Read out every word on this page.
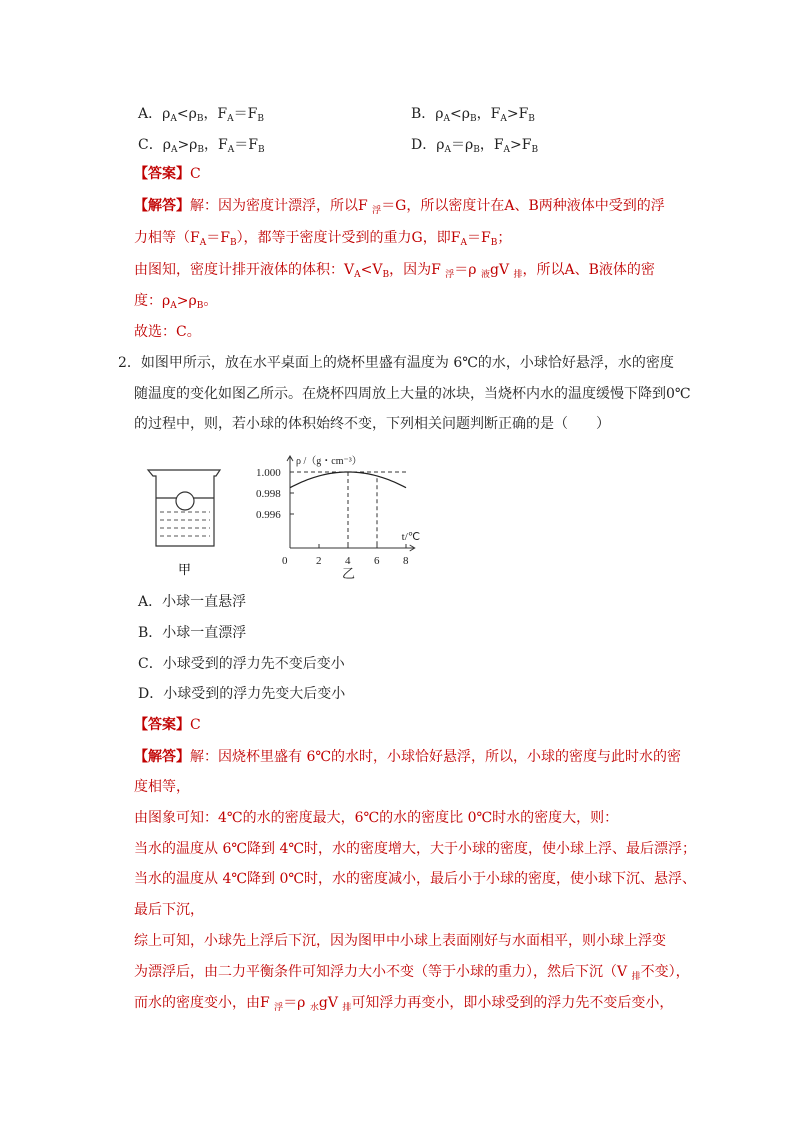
A．$\rho_A<\rho_B$，$F_A=F_B$	B．$\rho_A<\rho_B$，$F_A>F_B$
C．$\rho_A>\rho_B$，$F_A=F_B$	D．$\rho_A=\rho_B$，$F_A>F_B$
【答案】C
【解答】解：因为密度计漂浮，所以F $_浮$＝G，所以密度计在A、B两种液体中受到的浮
力相等$(F_A=F_B)$，都等于密度计受到的重力G，即$F_A=F_B$；
由图知，密度计排开液体的体积：$V_A<V_B$，因为F $_浮$＝ρ $_液$gV $_排$，所以A、B液体的密
度：$\rho_A>\rho_B$。
故选：C。
2．如图甲所示，放在水平桌面上的烧杯里盛有温度为 6℃的水，小球恰好悬浮，水的密度
随温度的变化如图乙所示。在烧杯四周放上大量的冰块，当烧杯内水的温度缓慢下降到0℃
的过程中，则，若小球的体积始终不变，下列相关问题判断正确的是（　　）
甲
0	2 4 6 8
1.000
0.998
0.996
ρ /（g・cm⁻³）
t/℃
乙
A．小球一直悬浮
B．小球一直漂浮
C．小球受到的浮力先不变后变小
D．小球受到的浮力先变大后变小
【答案】C
【解答】解：因烧杯里盛有 6℃的水时，小球恰好悬浮，所以，小球的密度与此时水的密
度相等，
由图象可知：4℃的水的密度最大，6℃的水的密度比 0℃时水的密度大，则：
当水的温度从 6℃降到 4℃时，水的密度增大，大于小球的密度，使小球上浮、最后漂浮；
当水的温度从 4℃降到 0℃时，水的密度减小，最后小于小球的密度，使小球下沉、悬浮、
最后下沉，
综上可知，小球先上浮后下沉，因为图甲中小球上表面刚好与水面相平，则小球上浮变
为漂浮后，由二力平衡条件可知浮力大小不变（等于小球的重力），然后下沉（V $_排$不变），
而水的密度变小，由F $_浮$＝ρ $_水$gV $_排$可知浮力再变小，即小球受到的浮力先不变后变小，
